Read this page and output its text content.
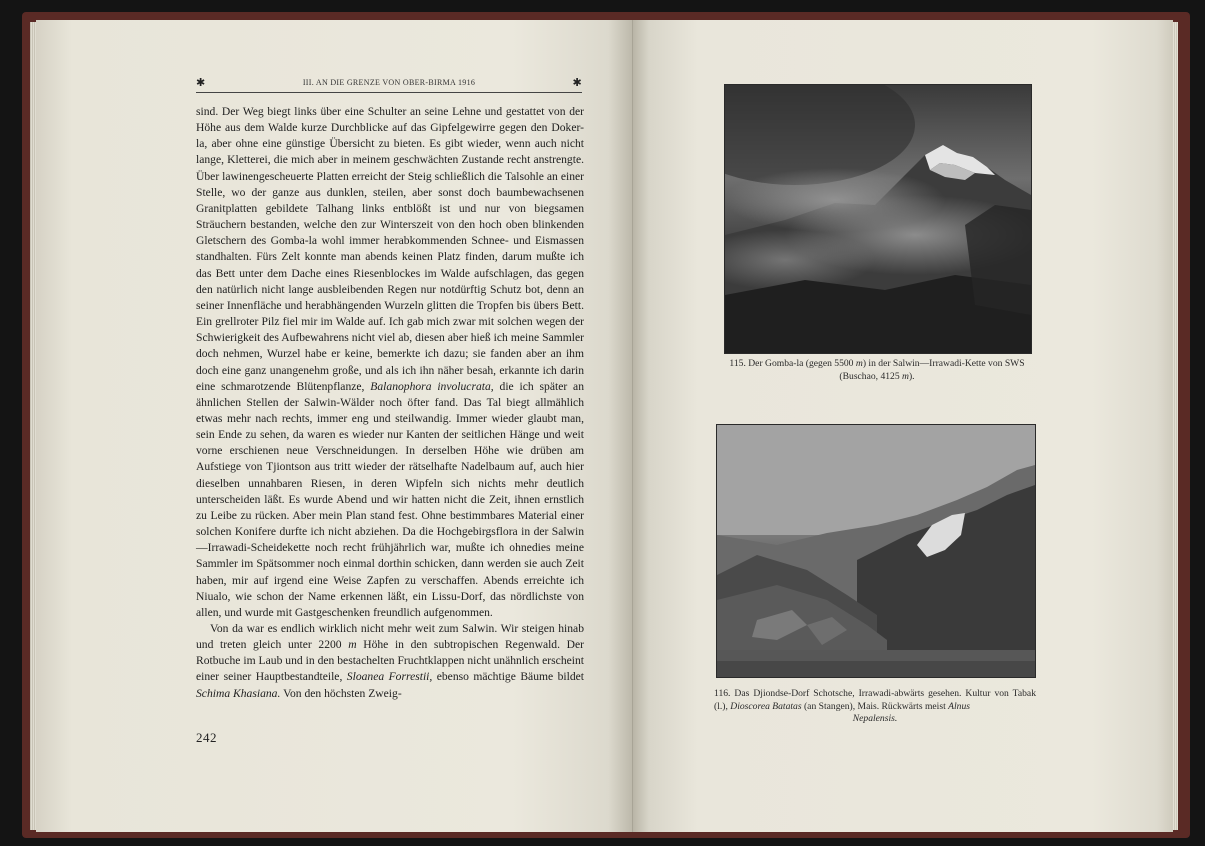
✱	III. AN DIE GRENZE VON OBER-BIRMA 1916	✱

sind. Der Weg biegt links über eine Schulter an seine Lehne und gestattet von der Höhe aus dem Walde kurze Durchblicke auf das Gipfelgewirre gegen den Doker-la, aber ohne eine günstige Übersicht zu bieten. Es gibt wieder, wenn auch nicht lange, Kletterei, die mich aber in meinem geschwächten Zustande recht anstrengte. Über lawinengescheuerte Platten erreicht der Steig schließlich die Talsohle an einer Stelle, wo der ganze aus dunklen, steilen, aber sonst doch baumbewachsenen Granitplatten gebildete Talhang links entblößt ist und nur von biegsamen Sträuchern bestanden, welche den zur Winterszeit von den hoch oben blinkenden Gletschern des Gomba-la wohl immer herabkommenden Schnee- und Eismassen standhalten. Fürs Zelt konnte man abends keinen Platz finden, darum mußte ich das Bett unter dem Dache eines Riesenblockes im Walde aufschlagen, das gegen den natürlich nicht lange ausbleibenden Regen nur notdürftig Schutz bot, denn an seiner Innenfläche und herabhängenden Wurzeln glitten die Tropfen bis übers Bett. Ein grellroter Pilz fiel mir im Walde auf. Ich gab mich zwar mit solchen wegen der Schwierigkeit des Aufbewahrens nicht viel ab, diesen aber hieß ich meine Sammler doch nehmen, Wurzel habe er keine, bemerkte ich dazu; sie fanden aber an ihm doch eine ganz unangenehm große, und als ich ihn näher besah, erkannte ich darin eine schmarotzende Blütenpflanze, Balanophora involucrata, die ich später an ähnlichen Stellen der Salwin-Wälder noch öfter fand. Das Tal biegt allmählich etwas mehr nach rechts, immer eng und steilwandig. Immer wieder glaubt man, sein Ende zu sehen, da waren es wieder nur Kanten der seitlichen Hänge und weit vorne erschienen neue Verschneidungen. In derselben Höhe wie drüben am Aufstiege von Tjiontson aus tritt wieder der rätselhafte Nadelbaum auf, auch hier dieselben unnahbaren Riesen, in deren Wipfeln sich nichts mehr deutlich unterscheiden läßt. Es wurde Abend und wir hatten nicht die Zeit, ihnen ernstlich zu Leibe zu rücken. Aber mein Plan stand fest. Ohne bestimmbares Material einer solchen Konifere durfte ich nicht abziehen. Da die Hochgebirgsflora in der Salwin—Irrawadi-Scheidekette noch recht frühjährlich war, mußte ich ohnedies meine Sammler im Spätsommer noch einmal dorthin schicken, dann werden sie auch Zeit haben, mir auf irgend eine Weise Zapfen zu verschaffen. Abends erreichte ich Niualo, wie schon der Name erkennen läßt, ein Lissu-Dorf, das nördlichste von allen, und wurde mit Gastgeschenken freundlich aufgenommen.

Von da war es endlich wirklich nicht mehr weit zum Salwin. Wir steigen hinab und treten gleich unter 2200 m Höhe in den subtropischen Regenwald. Der Rotbuche im Laub und in den bestachelten Fruchtklappen nicht unähnlich erscheint einer seiner Hauptbestandteile, Sloanea Forrestii, ebenso mächtige Bäume bildet Schima Khasiana. Von den höchsten Zweig-

242
115. Der Gomba-la (gegen 5500 m) in der Salwin—Irrawadi-Kette von SWS
(Buschao, 4125 m).
116. Das Djiondse-Dorf Schotsche, Irrawadi-abwärts gesehen. Kultur von Tabak (l.), Dioscorea Batatas (an Stangen), Mais. Rückwärts meist Alnus
Nepalensis.
